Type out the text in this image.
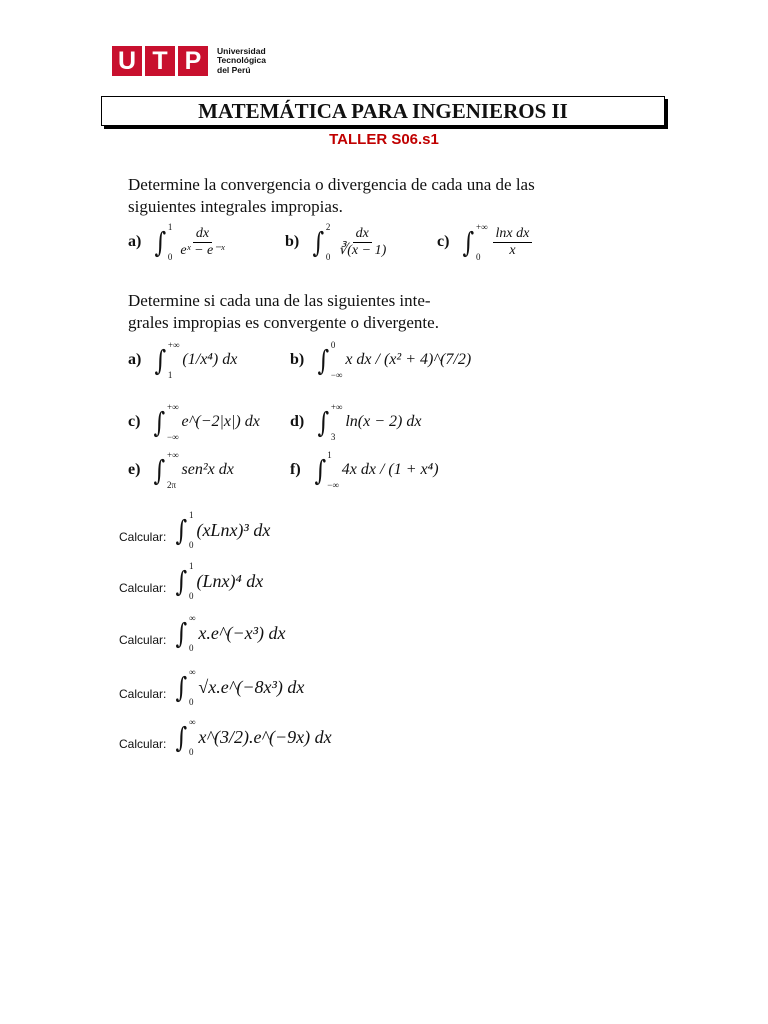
U T P	Universidad
Tecnológica
del Perú
MATEMÁTICA PARA INGENIEROS II
TALLER S06.s1
Determine la convergencia o divergencia de cada una de las
siguientes integrales impropias.
a) ∫ 1
$0 \frac{dx}{\text{eˣ − e⁻ˣ}}$	b) ∫ 2
$0 \frac{dx}{∛(x - 1)}$	c) ∫ +∞
$0 \frac{\text{lnx dx}}{x}$
Determine si cada una de las siguientes inte-
grales impropias es convergente o divergente.
a) ∫ +∞
1
(1/x⁴) dx	b) ∫ 0
−∞
x dx / (x² + 4)^(7/2)
c) ∫ +∞
−∞
e^(−2|x|) dx d) ∫ +∞
3
ln(x − 2) dx
e) ∫ +∞
2π
sen²x dx	f) ∫ 1
−∞
4x dx / (1 + x⁴)
Calcular: ∫ 1
0
(xLnx)³ dx
Calcular: ∫ 1
0
(Lnx)⁴ dx
Calcular: ∫ ∞
0
x.e^(−x³) dx
Calcular: ∫ ∞
0
√x.e^(−8x³) dx
Calcular: ∫ ∞
0
x^(3/2).e^(−9x) dx
